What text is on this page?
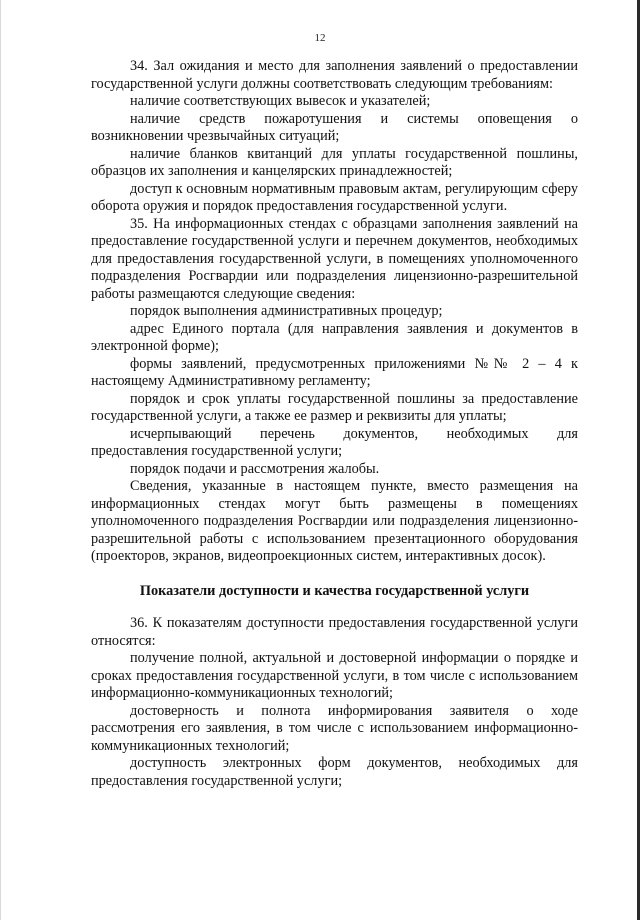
12

34. Зал ожидания и место для заполнения заявлений о предоставлении государственной услуги должны соответствовать следующим требованиям:

наличие соответствующих вывесок и указателей;

наличие средств пожаротушения и системы оповещения о возникновении чрезвычайных ситуаций;

наличие бланков квитанций для уплаты государственной пошлины, образцов их заполнения и канцелярских принадлежностей;

доступ к основным нормативным правовым актам, регулирующим сферу оборота оружия и порядок предоставления государственной услуги.

35. На информационных стендах с образцами заполнения заявлений на предоставление государственной услуги и перечнем документов, необходимых для предоставления государственной услуги, в помещениях уполномоченного подразделения Росгвардии или подразделения лицензионно-разрешительной работы размещаются следующие сведения:

порядок выполнения административных процедур;

адрес Единого портала (для направления заявления и документов в электронной форме);

формы заявлений, предусмотренных приложениями №№ 2 – 4 к настоящему Административному регламенту;

порядок и срок уплаты государственной пошлины за предоставление государственной услуги, а также ее размер и реквизиты для уплаты;

исчерпывающий перечень документов, необходимых для предоставления государственной услуги;

порядок подачи и рассмотрения жалобы.

Сведения, указанные в настоящем пункте, вместо размещения на информационных стендах могут быть размещены в помещениях уполномоченного подразделения Росгвардии или подразделения лицензионно-разрешительной работы с использованием презентационного оборудования (проекторов, экранов, видеопроекционных систем, интерактивных досок).

Показатели доступности и качества государственной услуги

36. К показателям доступности предоставления государственной услуги относятся:

получение полной, актуальной и достоверной информации о порядке и сроках предоставления государственной услуги, в том числе с использованием информационно-коммуникационных технологий;

достоверность и полнота информирования заявителя о ходе рассмотрения его заявления, в том числе с использованием информационно-коммуникационных технологий;

доступность электронных форм документов, необходимых для предоставления государственной услуги;
